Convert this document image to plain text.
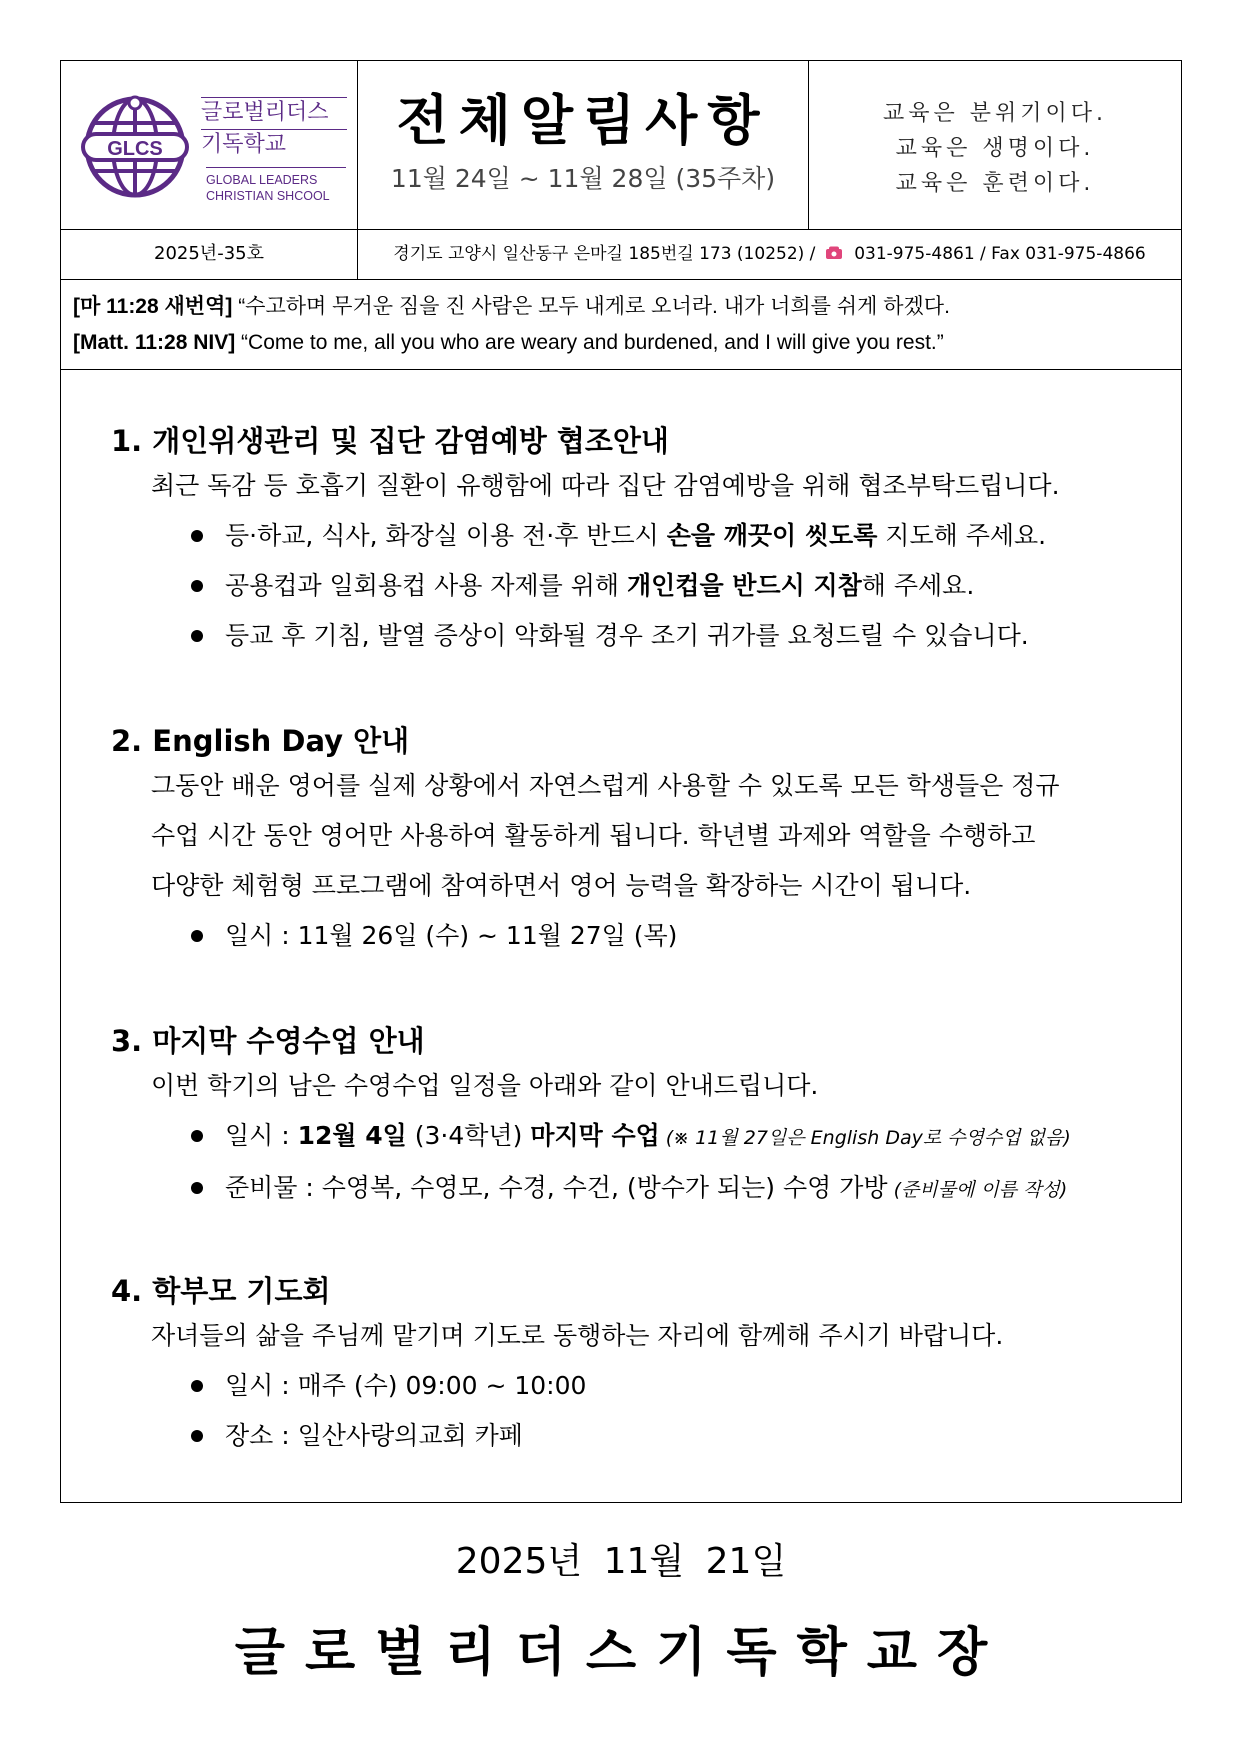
GLCS
글로벌리더스
기독학교
GLOBAL LEADERS
CHRISTIAN SHCOOL
전체알림사항
11월 24일 ~ 11월 28일 (35주차)
교육은 분위기이다.
교육은 생명이다.
교육은 훈련이다.
2025년-35호	경기도 고양시 일산동구 은마길 185번길 173 (10252) / 031-975-4861 / Fax 031-975-4866
[마 11:28 새번역] “수고하며 무거운 짐을 진 사람은 모두 내게로 오너라. 내가 너희를 쉬게 하겠다.
[Matt. 11:28 NIV] “Come to me, all you who are weary and burdened, and I will give you rest.”
1. 개인위생관리 및 집단 감염예방 협조안내

최근 독감 등 호흡기 질환이 유행함에 따라 집단 감염예방을 위해 협조부탁드립니다.

등·하교, 식사, 화장실 이용 전·후 반드시 손을 깨끗이 씻도록 지도해 주세요.
공용컵과 일회용컵 사용 자제를 위해 개인컵을 반드시 지참해 주세요.
등교 후 기침, 발열 증상이 악화될 경우 조기 귀가를 요청드릴 수 있습니다.
2. English Day 안내

그동안 배운 영어를 실제 상황에서 자연스럽게 사용할 수 있도록 모든 학생들은 정규

수업 시간 동안 영어만 사용하여 활동하게 됩니다. 학년별 과제와 역할을 수행하고

다양한 체험형 프로그램에 참여하면서 영어 능력을 확장하는 시간이 됩니다.

일시 : 11월 26일 (수) ~ 11월 27일 (목)
3. 마지막 수영수업 안내

이번 학기의 남은 수영수업 일정을 아래와 같이 안내드립니다.

일시 : 12월 4일 (3·4학년) 마지막 수업 (※ 11월 27일은 English Day로 수영수업 없음)
준비물 : 수영복, 수영모, 수경, 수건, (방수가 되는) 수영 가방 (준비물에 이름 작성)
4. 학부모 기도회

자녀들의 삶을 주님께 맡기며 기도로 동행하는 자리에 함께해 주시기 바랍니다.

일시 : 매주 (수) 09:00 ~ 10:00
장소 : 일산사랑의교회 카페
2025년 11월 21일
글로벌리더스기독학교장
